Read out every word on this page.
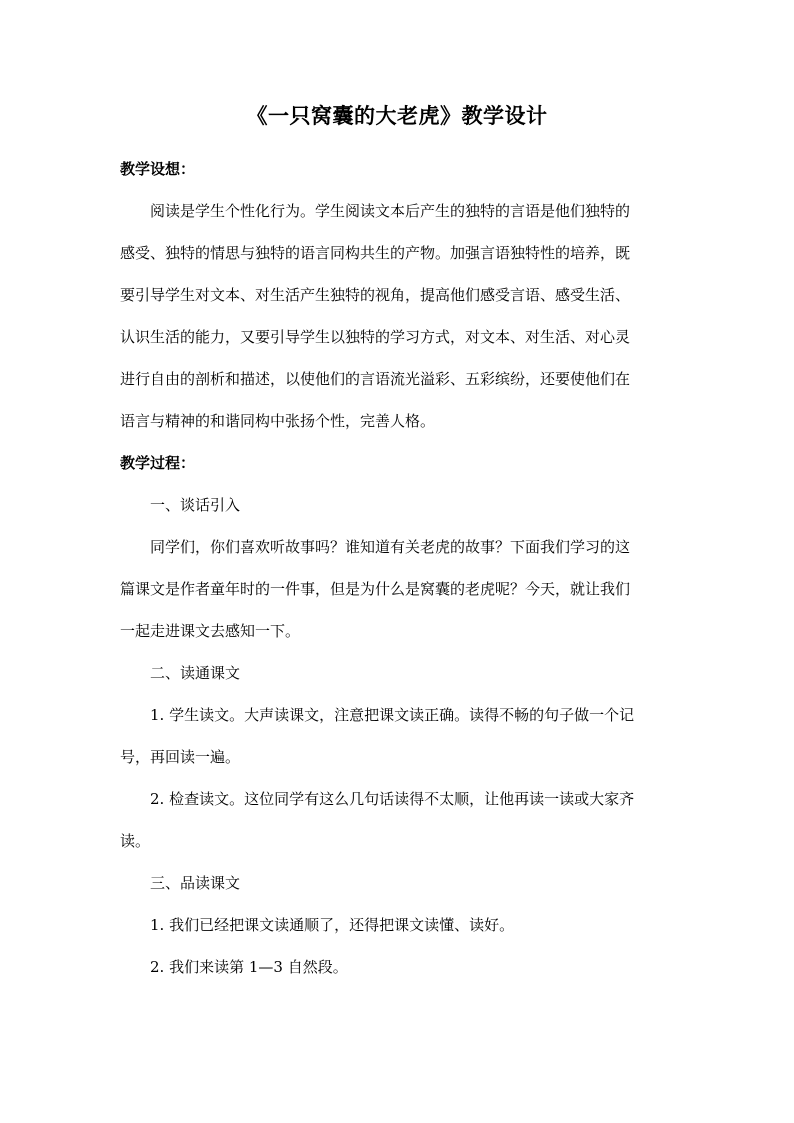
《一只窝囊的大老虎》教学设计
教学设想：
阅读是学生个性化行为。学生阅读文本后产生的独特的言语是他们独特的
感受、独特的情思与独特的语言同构共生的产物。加强言语独特性的培养，既
要引导学生对文本、对生活产生独特的视角，提高他们感受言语、感受生活、
认识生活的能力，又要引导学生以独特的学习方式，对文本、对生活、对心灵
进行自由的剖析和描述，以使他们的言语流光溢彩、五彩缤纷，还要使他们在
语言与精神的和谐同构中张扬个性，完善人格。
教学过程：
一、谈话引入
同学们，你们喜欢听故事吗？谁知道有关老虎的故事？下面我们学习的这
篇课文是作者童年时的一件事，但是为什么是窝囊的老虎呢？今天，就让我们
一起走进课文去感知一下。
二、读通课文
1. 学生读文。大声读课文，注意把课文读正确。读得不畅的句子做一个记
号，再回读一遍。
2. 检查读文。这位同学有这么几句话读得不太顺，让他再读一读或大家齐
读。
三、品读课文
1. 我们已经把课文读通顺了，还得把课文读懂、读好。
2. 我们来读第 1—3 自然段。
